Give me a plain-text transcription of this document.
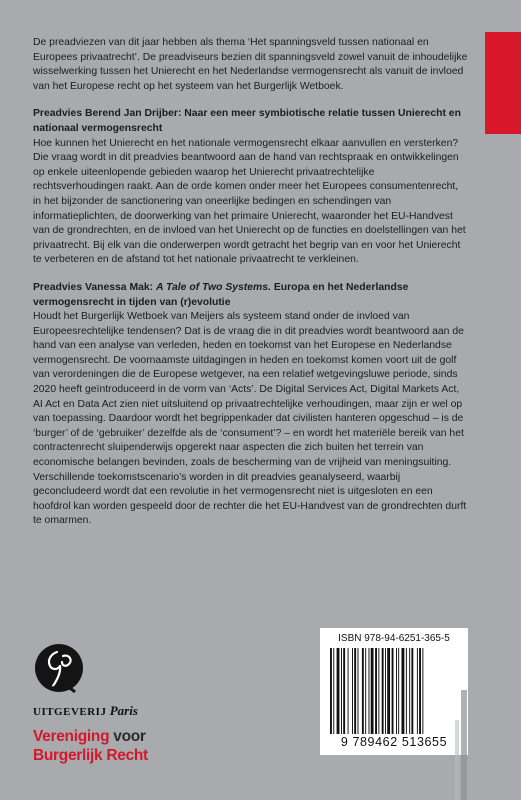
De preadviezen van dit jaar hebben als thema ‘Het spanningsveld tussen nationaal en Europees privaatrecht’. De preadviseurs bezien dit spanningsveld zowel vanuit de inhoudelijke wisselwerking tussen het Unierecht en het Nederlandse vermogensrecht als vanuit de invloed van het Europese recht op het systeem van het Burgerlijk Wetboek.

Preadvies Berend Jan Drijber: Naar een meer symbiotische relatie tussen Unierecht en nationaal vermogensrecht

Hoe kunnen het Unierecht en het nationale vermogensrecht elkaar aanvullen en versterken? Die vraag wordt in dit preadvies beantwoord aan de hand van rechtspraak en ontwikkelingen op enkele uiteenlopende gebieden waarop het Unierecht privaatrechtelijke rechtsverhoudingen raakt. Aan de orde komen onder meer het Europees consumentenrecht, in het bijzonder de sanctionering van oneerlijke bedingen en schendingen van informatieplichten, de doorwerking van het primaire Unierecht, waaronder het EU-Handvest van de grondrechten, en de invloed van het Unierecht op de functies en doelstellingen van het privaatrecht. Bij elk van die onderwerpen wordt getracht het begrip van en voor het Unierecht te verbeteren en de afstand tot het nationale privaatrecht te verkleinen.

Preadvies Vanessa Mak: A Tale of Two Systems. Europa en het Nederlandse vermogensrecht in tijden van (r)evolutie

Houdt het Burgerlijk Wetboek van Meijers als systeem stand onder de invloed van Europeesrechtelijke tendensen? Dat is de vraag die in dit preadvies wordt beantwoord aan de hand van een analyse van verleden, heden en toekomst van het Europese en Nederlandse vermogensrecht. De voornaamste uitdagingen in heden en toekomst komen voort uit de golf van verordeningen die de Europese wetgever, na een relatief wetgevingsluwe periode, sinds 2020 heeft geïntroduceerd in de vorm van ‘Acts’. De Digital Services Act, Digital Markets Act, AI Act en Data Act zien niet uitsluitend op privaatrechtelijke verhoudingen, maar zijn er wel op van toepassing. Daardoor wordt het begrippenkader dat civilisten hanteren opgeschud – is de ‘burger’ of de ‘gebruiker’ dezelfde als de ‘consument’? – en wordt het materiële bereik van het contractenrecht sluipenderwijs opgerekt naar aspecten die zich buiten het terrein van economische belangen bevinden, zoals de bescherming van de vrijheid van meningsuiting. Verschillende toekomstscenario’s worden in dit preadvies geanalyseerd, waarbij geconcludeerd wordt dat een revolutie in het vermogensrecht niet is uitgesloten en een hoofdrol kan worden gespeeld door de rechter die het EU-Handvest van de grondrechten durft te omarmen.

UITGEVERIJ Paris
Vereniging voor
Burgerlijk Recht
ISBN 978-94-6251-365-5
9 789462 513655
